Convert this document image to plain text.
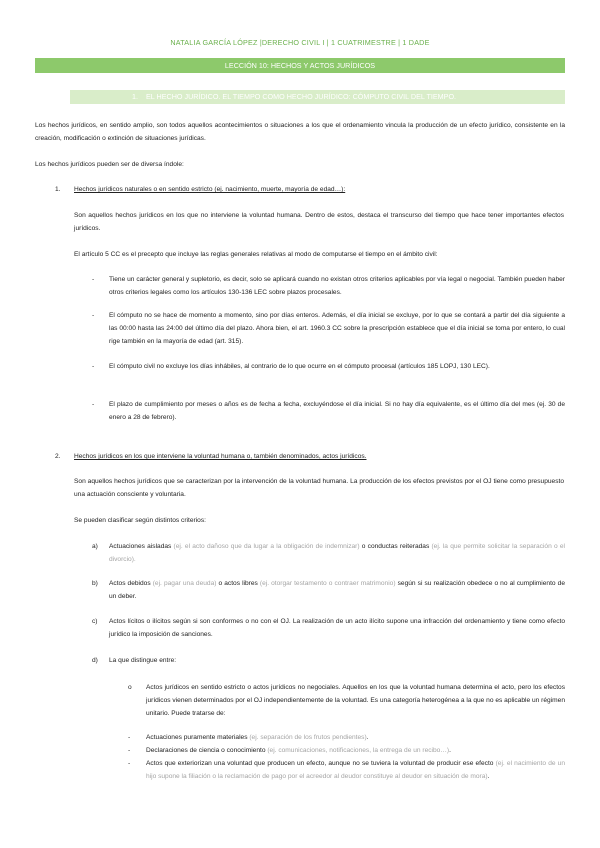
NATALIA GARCÍA LÓPEZ |DERECHO CIVIL I | 1 CUATRIMESTRE | 1 DADE
LECCIÓN 10: HECHOS Y ACTOS JURÍDICOS
1. EL HECHO JURÍDICO. EL TIEMPO COMO HECHO JURÍDICO: CÓMPUTO CIVIL DEL TIEMPO.
Los hechos jurídicos, en sentido amplio, son todos aquellos acontecimientos o situaciones a los que el ordenamiento vincula la producción de un efecto jurídico, consistente en la creación, modificación o extinción de situaciones jurídicas.
Los hechos jurídicos pueden ser de diversa índole:
1. Hechos jurídicos naturales o en sentido estricto (ej. nacimiento, muerte, mayoría de edad…):
Son aquellos hechos jurídicos en los que no interviene la voluntad humana. Dentro de estos, destaca el transcurso del tiempo que hace tener importantes efectos jurídicos.
El artículo 5 CC es el precepto que incluye las reglas generales relativas al modo de computarse el tiempo en el ámbito civil:
- Tiene un carácter general y supletorio, es decir, solo se aplicará cuando no existan otros criterios aplicables por vía legal o negocial. También pueden haber otros criterios legales como los artículos 130-136 LEC sobre plazos procesales.
- El cómputo no se hace de momento a momento, sino por días enteros. Además, el día inicial se excluye, por lo que se contará a partir del día siguiente a las 00:00 hasta las 24:00 del último día del plazo. Ahora bien, el art. 1960.3 CC sobre la prescripción establece que el día inicial se toma por entero, lo cual rige también en la mayoría de edad (art. 315).
- El cómputo civil no excluye los días inhábiles, al contrario de lo que ocurre en el cómputo procesal (artículos 185 LOPJ, 130 LEC).
- El plazo de cumplimiento por meses o años es de fecha a fecha, excluyéndose el día inicial. Si no hay día equivalente, es el último día del mes (ej. 30 de enero a 28 de febrero).
2. Hechos jurídicos en los que interviene la voluntad humana o, también denominados, actos jurídicos.
Son aquellos hechos jurídicos que se caracterizan por la intervención de la voluntad humana. La producción de los efectos previstos por el OJ tiene como presupuesto una actuación consciente y voluntaria.
Se pueden clasificar según distintos criterios:
a) Actuaciones aisladas (ej. el acto dañoso que da lugar a la obligación de indemnizar) o conductas reiteradas (ej. la que permite solicitar la separación o el divorcio).
b) Actos debidos (ej. pagar una deuda) o actos libres (ej. otorgar testamento o contraer matrimonio) según si su realización obedece o no al cumplimiento de un deber.
c) Actos lícitos o ilícitos según si son conformes o no con el OJ. La realización de un acto ilícito supone una infracción del ordenamiento y tiene como efecto jurídico la imposición de sanciones.
d) La que distingue entre:
o Actos jurídicos en sentido estricto o actos jurídicos no negociales. Aquellos en los que la voluntad humana determina el acto, pero los efectos jurídicos vienen determinados por el OJ independientemente de la voluntad. Es una categoría heterogénea a la que no es aplicable un régimen unitario. Puede tratarse de:
- Actuaciones puramente materiales (ej. separación de los frutos pendientes).
- Declaraciones de ciencia o conocimiento (ej. comunicaciones, notificaciones, la entrega de un recibo…).
- Actos que exteriorizan una voluntad que producen un efecto, aunque no se tuviera la voluntad de producir ese efecto (ej. el nacimiento de un hijo supone la filiación o la reclamación de pago por el acreedor al deudor constituye al deudor en situación de mora).
